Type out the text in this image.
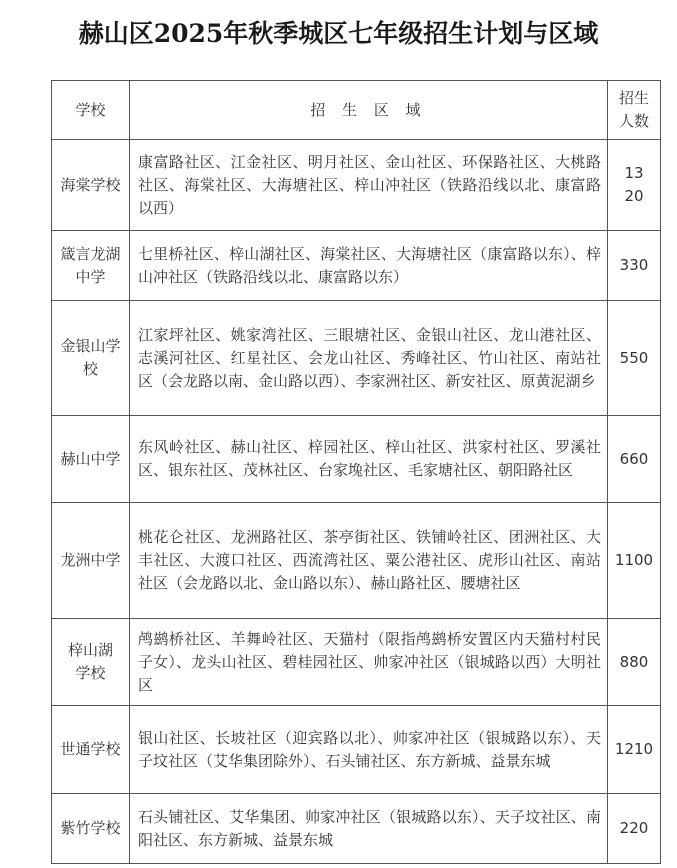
赫山区2025年秋季城区七年级招生计划与区域
学校	招 生 区 域	招生人数
海棠学校	康富路社区、江金社区、明月社区、金山社区、环保路社区、大桃路社区、海棠社区、大海塘社区、梓山冲社区（铁路沿线以北、康富路以西）	1320
箴言龙湖中学	七里桥社区、梓山湖社区、海棠社区、大海塘社区（康富路以东）、梓山冲社区（铁路沿线以北、康富路以东）	330
金银山学校	江家坪社区、姚家湾社区、三眼塘社区、金银山社区、龙山港社区、志溪河社区、红星社区、会龙山社区、秀峰社区、竹山社区、南站社区（会龙路以南、金山路以西）、李家洲社区、新安社区、原黄泥湖乡	550
赫山中学	东风岭社区、赫山社区、梓园社区、梓山社区、洪家村社区、罗溪社区、银东社区、茂林社区、台家堍社区、毛家塘社区、朝阳路社区	660
龙洲中学	桃花仑社区、龙洲路社区、茶亭街社区、铁铺岭社区、团洲社区、大丰社区、大渡口社区、西流湾社区、粟公港社区、虎形山社区、南站社区（会龙路以北、金山路以东）、赫山路社区、腰塘社区	1100
梓山湖学校	鸬鹚桥社区、羊舞岭社区、天猫村（限指鸬鹚桥安置区内天猫村村民子女）、龙头山社区、碧桂园社区、帅家冲社区（银城路以西）大明社区	880
世通学校	银山社区、长坡社区（迎宾路以北）、帅家冲社区（银城路以东）、天子坟社区（艾华集团除外）、石头铺社区、东方新城、益景东城	1210
紫竹学校	石头铺社区、艾华集团、帅家冲社区（银城路以东）、天子坟社区、南阳社区、东方新城、益景东城	220
